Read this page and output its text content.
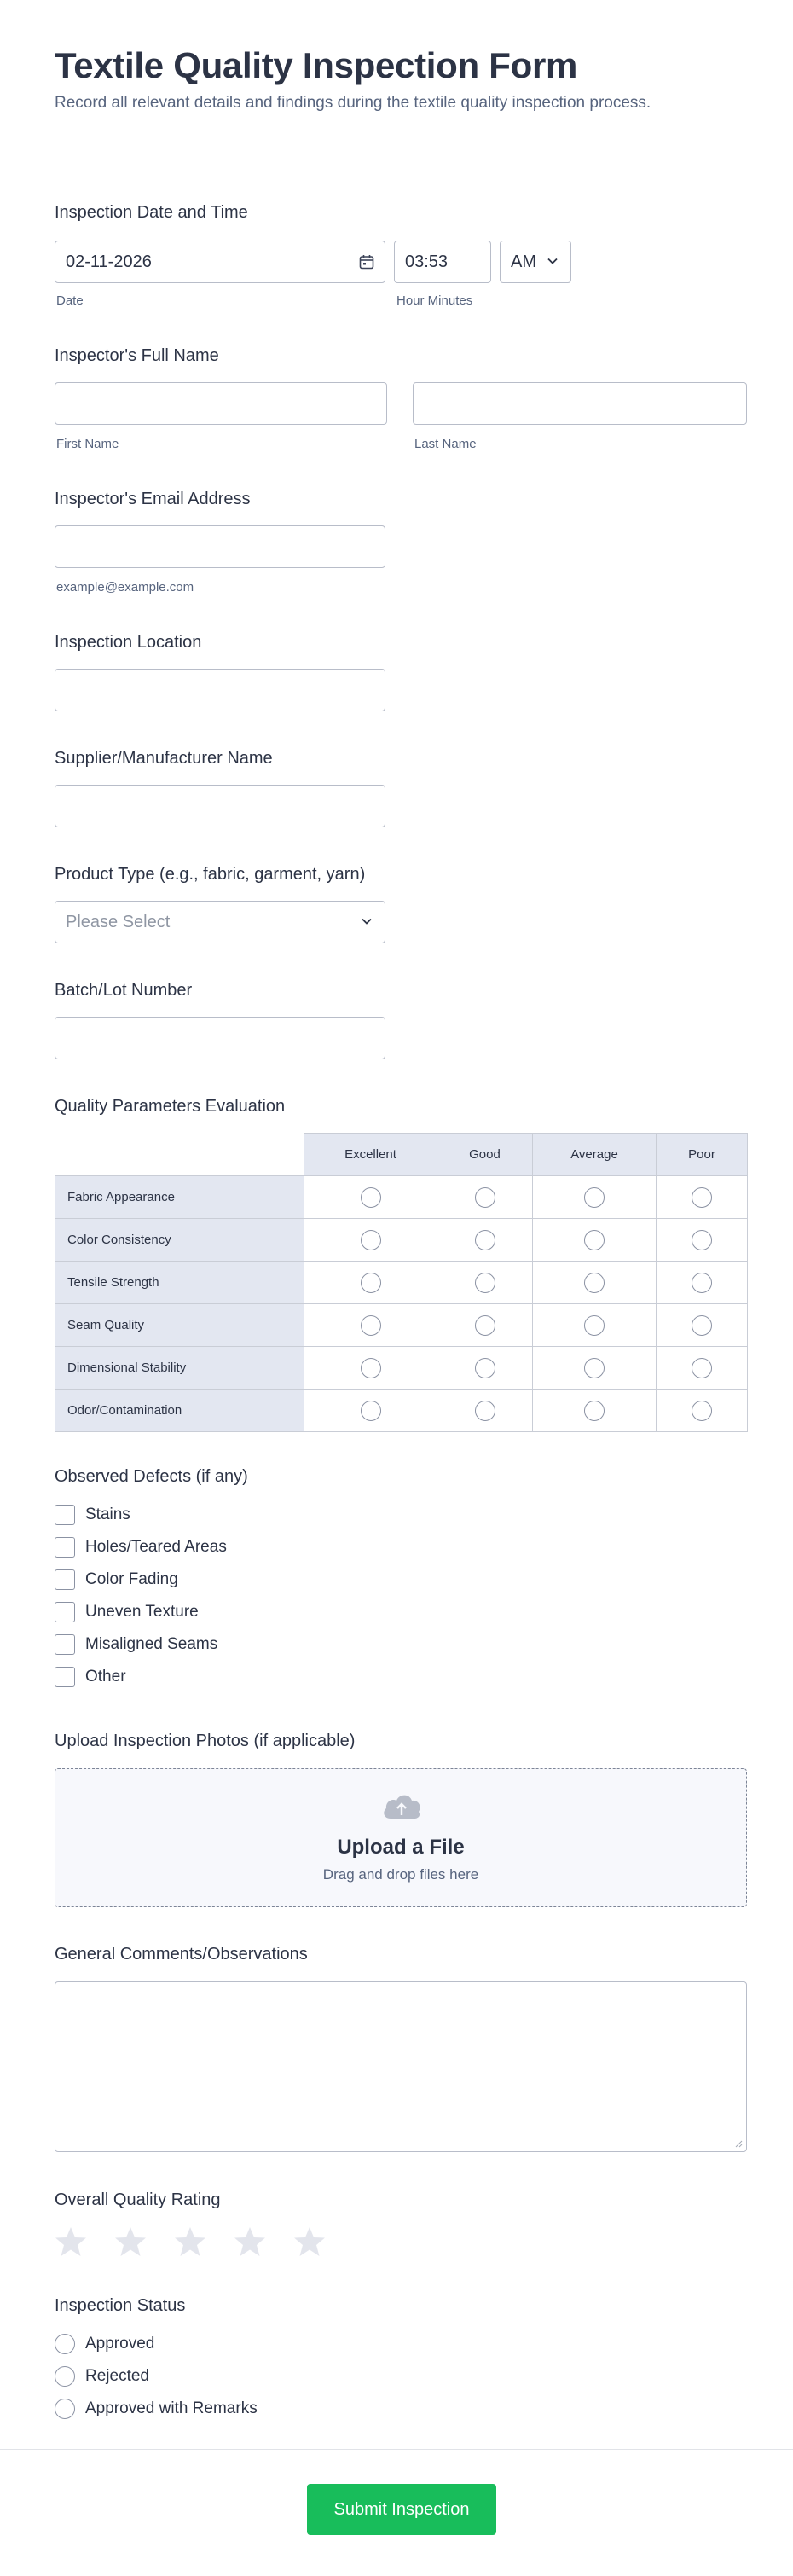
Textile Quality Inspection Form

Record all relevant details and findings during the textile quality inspection process.

Inspection Date and Time
02-11-2026
Date
03:53	AM
Hour Minutes
Inspector's Full Name
First Name	Last Name
Inspector's Email Address
example@example.com
Inspection Location
Supplier/Manufacturer Name
Product Type (e.g., fabric, garment, yarn)
Please Select
Batch/Lot Number
Quality Parameters Evaluation
	Excellent	Good	Average	Poor
Fabric Appearance				
Color Consistency				
Tensile Strength				
Seam Quality				
Dimensional Stability				
Odor/Contamination				
Observed Defects (if any)
Stains
Holes/Teared Areas
Color Fading
Uneven Texture
Misaligned Seams
Other
Upload Inspection Photos (if applicable)
Upload a File
Drag and drop files here
General Comments/Observations
Overall Quality Rating
Inspection Status
Approved
Rejected
Approved with Remarks
Submit Inspection
